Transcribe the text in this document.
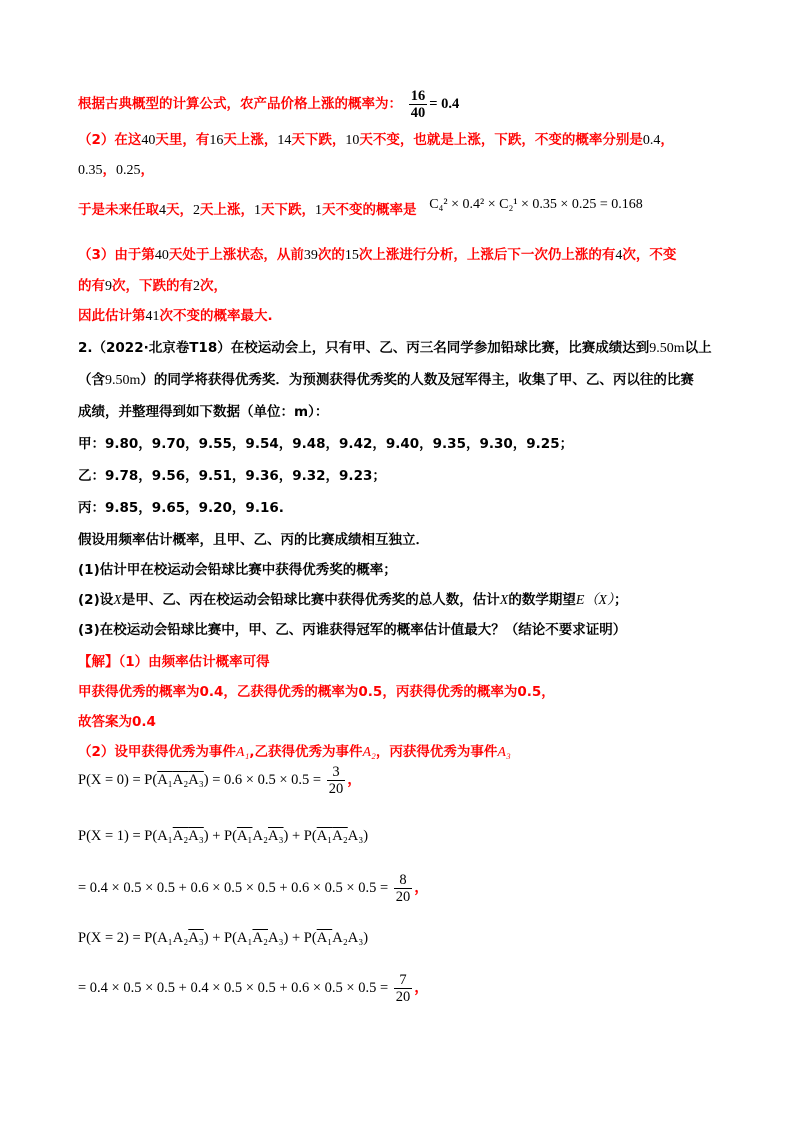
根据古典概型的计算公式，农产品价格上涨的概率为： $\frac{16}{40} = 0.4$
（2）在这40天里，有16天上涨，14天下跌，10天不变，也就是上涨，下跌，不变的概率分别是0.4，
0.35，0.25，
于是未来任取4天，2天上涨，1天下跌，1天不变的概率是 C₄² × 0.4² × C₂¹ × 0.35 × 0.25 = 0.168
（3）由于第40天处于上涨状态，从前39次的15次上涨进行分析，上涨后下一次仍上涨的有4次，不变
的有9次，下跌的有2次，
因此估计第41次不变的概率最大.
2.（2022·北京卷T18）在校运动会上，只有甲、乙、丙三名同学参加铅球比赛，比赛成绩达到9.50m以上
（含9.50m）的同学将获得优秀奖．为预测获得优秀奖的人数及冠军得主，收集了甲、乙、丙以往的比赛
成绩，并整理得到如下数据（单位：m）：
甲：9.80，9.70，9.55，9.54，9.48，9.42，9.40，9.35，9.30，9.25；
乙：9.78，9.56，9.51，9.36，9.32，9.23；
丙：9.85，9.65，9.20，9.16.
假设用频率估计概率，且甲、乙、丙的比赛成绩相互独立．
(1)估计甲在校运动会铅球比赛中获得优秀奖的概率；
(2)设X是甲、乙、丙在校运动会铅球比赛中获得优秀奖的总人数，估计X的数学期望E（X）；
(3)在校运动会铅球比赛中，甲、乙、丙谁获得冠军的概率估计值最大？（结论不要求证明）
【解】（1）由频率估计概率可得
甲获得优秀的概率为0.4，乙获得优秀的概率为0.5，丙获得优秀的概率为0.5，
故答案为0.4
（2）设甲获得优秀为事件A₁,乙获得优秀为事件A₂，丙获得优秀为事件A₃
$P(X = 0) = P(A_1A_2A_3) = 0.6 \times 0.5 \times 0.5 = \frac{3}{20}$ ，
P(X = 1) = P(A₁A₂A₃) + P(A₁A₂A₃) + P(A₁A₂A₃)
= $0.4 \times 0.5 \times 0.5 + 0.6 \times 0.5 \times 0.5 + 0.6 \times 0.5 \times 0.5 = \frac{8}{20}$ ，
P(X = 2) = P(A₁A₂A₃) + P(A₁A₂A₃) + P(A₁A₂A₃)
= $0.4 \times 0.5 \times 0.5 + 0.4 \times 0.5 \times 0.5 + 0.6 \times 0.5 \times 0.5 = \frac{7}{20}$ ，
